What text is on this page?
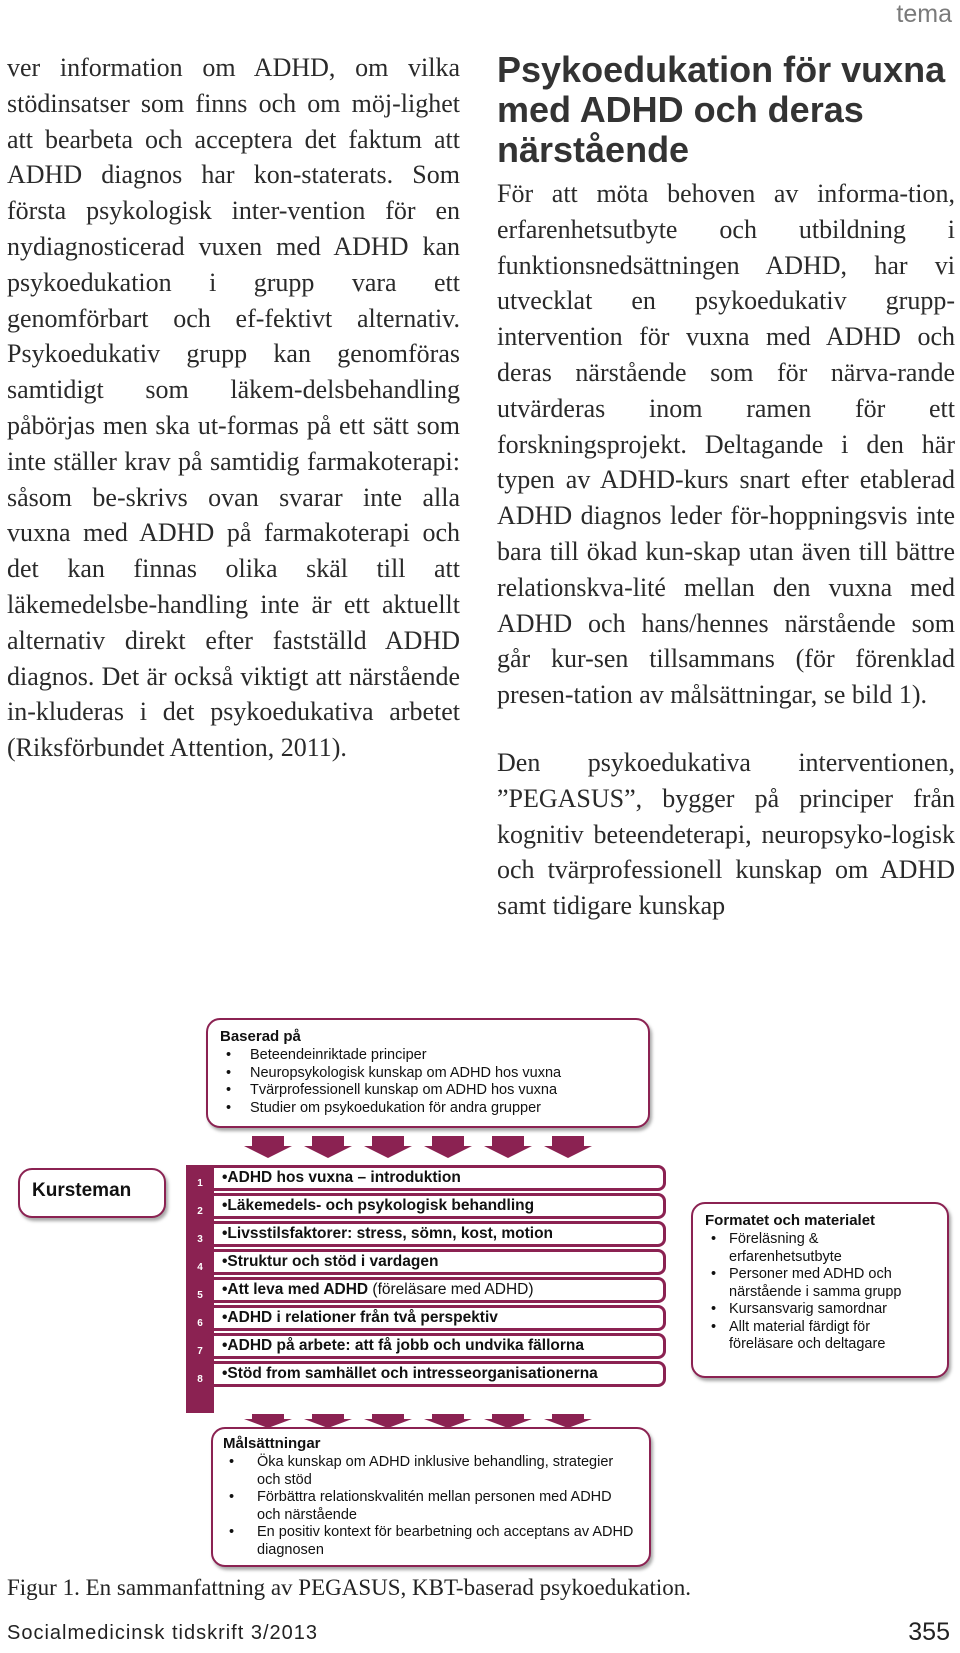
tema
ver information om ADHD, om vilka stödinsatser som finns och om möj-lighet att bearbeta och acceptera det faktum att ADHD diagnos har kon-staterats. Som första psykologisk inter-vention för en nydiagnosticerad vuxen med ADHD kan psykoedukation i grupp vara ett genomförbart och ef-fektivt alternativ. Psykoedukativ grupp kan genomföras samtidigt som läkem-delsbehandling påbörjas men ska ut-formas på ett sätt som inte ställer krav på samtidig farmakoterapi: såsom be-skrivs ovan svarar inte alla vuxna med ADHD på farmakoterapi och det kan finnas olika skäl till att läkemedelsbe-handling inte är ett aktuellt alternativ direkt efter fastställd ADHD diagnos. Det är också viktigt att närstående in-kluderas i det psykoedukativa arbetet (Riksförbundet Attention, 2011).
Psykoedukation för vuxna med ADHD och deras närstående

För att möta behoven av informa-tion, erfarenhetsutbyte och utbildning i funktionsnedsättningen ADHD, har vi utvecklat en psykoedukativ grupp-intervention för vuxna med ADHD och deras närstående som för närva-rande utvärderas inom ramen för ett forskningsprojekt. Deltagande i den här typen av ADHD-kurs snart efter etablerad ADHD diagnos leder för-hoppningsvis inte bara till ökad kun-skap utan även till bättre relationskva-lité mellan den vuxna med ADHD och hans/hennes närstående som går kur-sen tillsammans (för förenklad presen-tation av målsättningar, se bild 1).

Den psykoedukativa interventionen, ”PEGASUS”, bygger på principer från kognitiv beteendeterapi, neuropsyko-logisk och tvärprofessionell kunskap om ADHD samt tidigare kunskap

Baserad på
• Beteendeinriktade principer
• Neuropsykologisk kunskap om ADHD hos vuxna
• Tvärprofessionell kunskap om ADHD hos vuxna
• Studier om psykoedukation för andra grupper
Kursteman
•ADHD hos vuxna – introduktion
1
•Läkemedels- och psykologisk behandling
2
•Livsstilsfaktorer: stress, sömn, kost, motion
3
•Struktur och stöd i vardagen
4
•Att leva med ADHD (föreläsare med ADHD)
5
•ADHD i relationer från två perspektiv
6
•ADHD på arbete: att få jobb och undvika fällorna
7
•Stöd from samhället och intresseorganisationerna
8
Formatet och materialet
• Föreläsning & erfarenhetsutbyte
• Personer med ADHD och närstående i samma grupp
• Kursansvarig samordnar
• Allt material färdigt för föreläsare och deltagare
Målsättningar
• Öka kunskap om ADHD inklusive behandling, strategier och stöd
• Förbättra relationskvalitén mellan personen med ADHD och närstående
• En positiv kontext för bearbetning och acceptans av ADHD diagnosen
Figur 1. En sammanfattning av PEGASUS, KBT-baserad psykoedukation.
Socialmedicinsk tidskrift 3/2013	355
